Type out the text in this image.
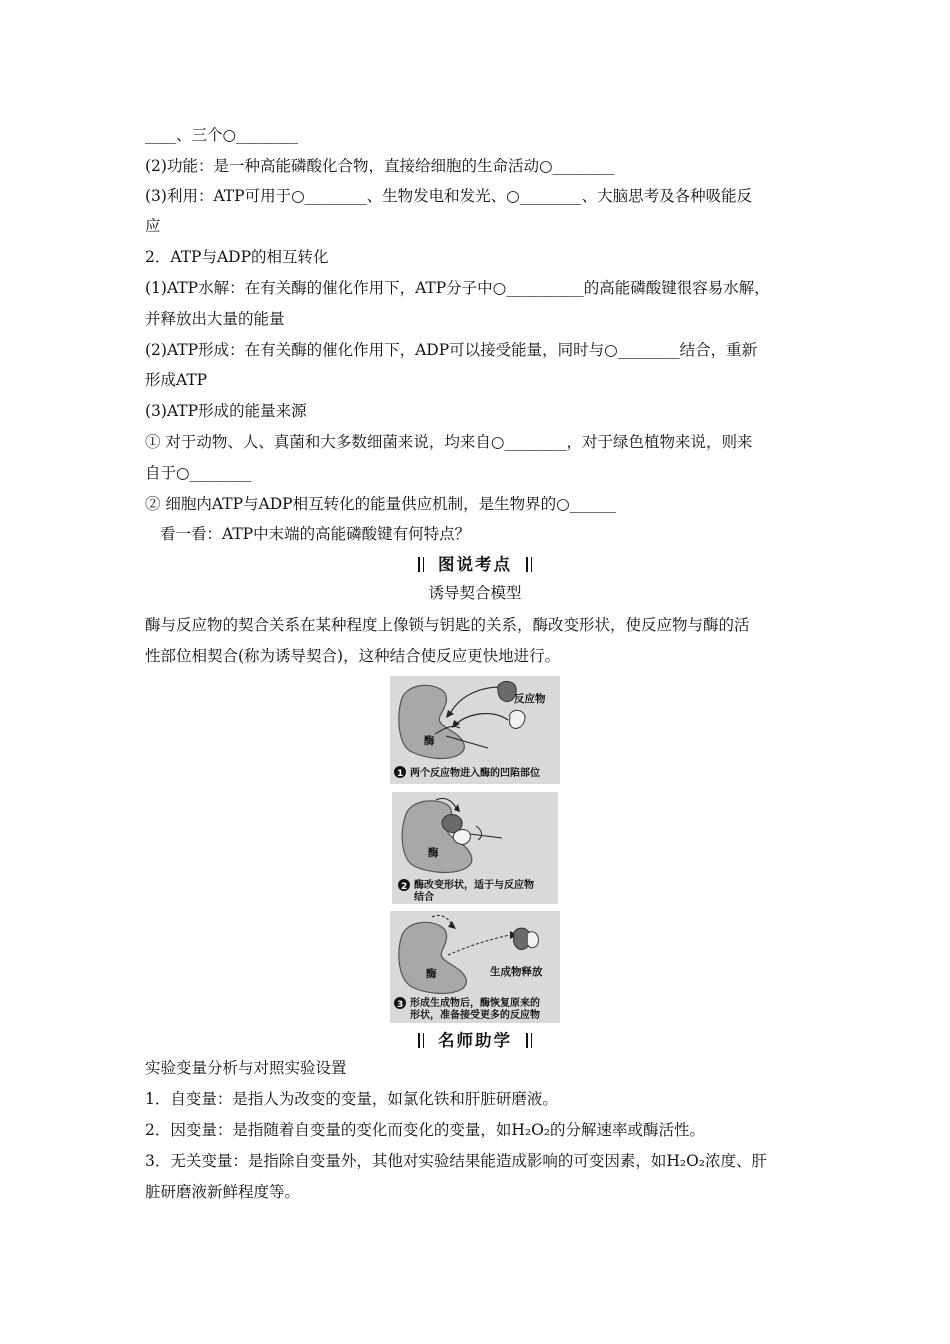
____、三个○________
(2)功能：是一种高能磷酸化合物，直接给细胞的生命活动○________
(3)利用：ATP可用于○________、生物发电和发光、○________、大脑思考及各种吸能反
应
2．ATP与ADP的相互转化
(1)ATP水解：在有关酶的催化作用下，ATP分子中○__________的高能磷酸键很容易水解，
并释放出大量的能量
(2)ATP形成：在有关酶的催化作用下，ADP可以接受能量，同时与○________结合，重新
形成ATP
(3)ATP形成的能量来源
① 对于动物、人、真菌和大多数细菌来说，均来自○________，对于绿色植物来说，则来
自于○________
② 细胞内ATP与ADP相互转化的能量供应机制，是生物界的○______
看一看：ATP中末端的高能磷酸键有何特点？
图说考点
诱导契合模型
酶与反应物的契合关系在某种程度上像锁与钥匙的关系，酶改变形状，使反应物与酶的活
性部位相契合(称为诱导契合)，这种结合使反应更快地进行。
反应物
酶
1 两个反应物进入酶的凹陷部位
酶
2 酶改变形状，适于与反应物
结合
酶	生成物释放
3 形成生成物后，酶恢复原来的
形状，准备接受更多的反应物
名师助学
实验变量分析与对照实验设置
1．自变量：是指人为改变的变量，如氯化铁和肝脏研磨液。
2．因变量：是指随着自变量的变化而变化的变量，如H₂O₂的分解速率或酶活性。
3．无关变量：是指除自变量外，其他对实验结果能造成影响的可变因素，如H₂O₂浓度、肝
脏研磨液新鲜程度等。
